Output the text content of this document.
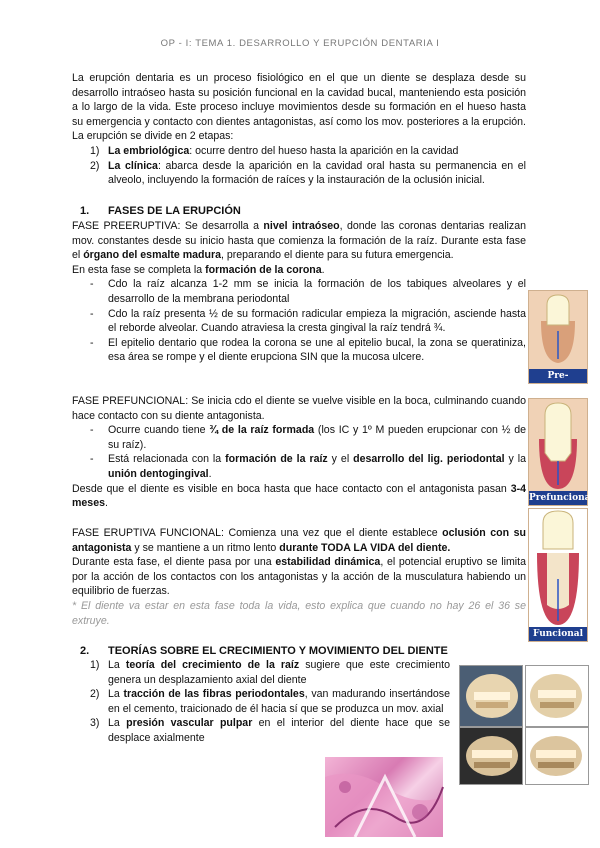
OP - I: TEMA 1. DESARROLLO Y ERUPCIÓN DENTARIA I

La erupción dentaria es un proceso fisiológico en el que un diente se desplaza desde su desarrollo intraóseo hasta su posición funcional en la cavidad bucal, manteniendo esta posición a lo largo de la vida. Este proceso incluye movimientos desde su formación en el hueso hasta su emergencia y contacto con dientes antagonistas, así como los mov. posteriores a la erupción. La erupción se divide en 2 etapas:

1) La embriológica: ocurre dentro del hueso hasta la aparición en la cavidad
2) La clínica: abarca desde la aparición en la cavidad oral hasta su permanencia en el alveolo, incluyendo la formación de raíces y la instauración de la oclusión inicial.
1. FASES DE LA ERUPCIÓN

FASE PREERUPTIVA: Se desarrolla a nivel intraóseo, donde las coronas dentarias realizan mov. constantes desde su inicio hasta que comienza la formación de la raíz. Durante esta fase el órgano del esmalte madura, preparando el diente para su futura emergencia.

En esta fase se completa la formación de la corona.

- Cdo la raíz alcanza 1-2 mm se inicia la formación de los tabiques alveolares y el desarrollo de la membrana periodontal
- Cdo la raíz presenta ½ de su formación radicular empieza la migración, asciende hasta el reborde alveolar. Cuando atraviesa la cresta gingival la raíz tendrá ¾.
- El epitelio dentario que rodea la corona se une al epitelio bucal, la zona se queratiniza, esa área se rompe y el diente erupciona SIN que la mucosa ulcere.

FASE PREFUNCIONAL: Se inicia cdo el diente se vuelve visible en la boca, culminando cuando hace contacto con su diente antagonista.

- Ocurre cuando tiene ¾ de la raíz formada (los IC y 1º M pueden erupcionar con ½ de su raíz).
- Está relacionada con la formación de la raíz y el desarrollo del lig. periodontal y la unión dentogingival.

Desde que el diente es visible en boca hasta que hace contacto con el antagonista pasan 3-4 meses.

FASE ERUPTIVA FUNCIONAL: Comienza una vez que el diente establece oclusión con su antagonista y se mantiene a un ritmo lento durante TODA LA VIDA del diente.

Durante esta fase, el diente pasa por una estabilidad dinámica, el potencial eruptivo se limita por la acción de los contactos con los antagonistas y la acción de la musculatura habiendo un equilibrio de fuerzas.

* El diente va estar en esta fase toda la vida, esto explica que cuando no hay 26 el 36 se extruye.

2. TEORÍAS SOBRE EL CRECIMIENTO Y MOVIMIENTO DEL DIENTE
1) La teoría del crecimiento de la raíz sugiere que este crecimiento genera un desplazamiento axial del diente
2) La tracción de las fibras periodontales, van madurando insertándose en el cemento, traicionado de él hacia sí que se produzca un mov. axial
3) La presión vascular pulpar en el interior del diente hace que se desplace axialmente
Pre-eruptiva
Prefuncional
Funcional
